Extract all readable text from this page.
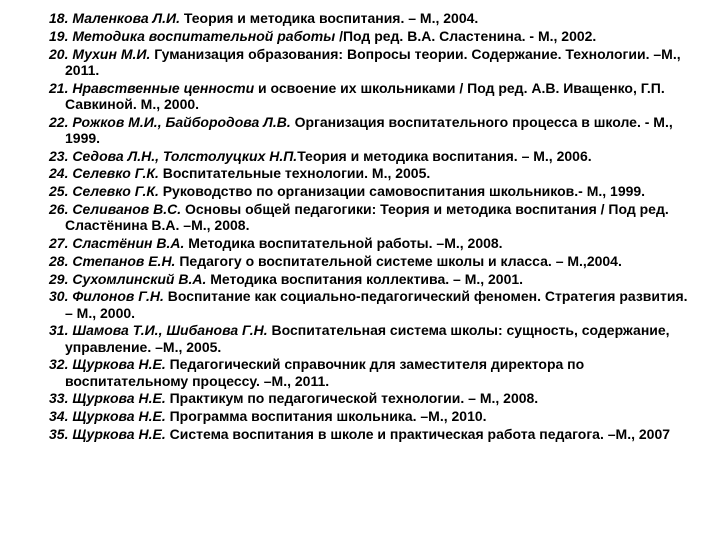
18. Маленкова Л.И. Теория и методика воспитания. – М., 2004.
19. Методика воспитательной работы /Под ред. В.А. Сластенина. - М., 2002.
20. Мухин М.И. Гуманизация образования: Вопросы теории. Содержание. Технологии. –М., 2011.
21. Нравственные ценности и освоение их школьниками / Под ред. А.В. Иващенко, Г.П. Савкиной. М., 2000.
22. Рожков М.И., Байбородова Л.В. Организация воспитательного процесса в школе. - М., 1999.
23. Седова Л.Н., Толстолуцких Н.П.Теория и методика воспитания. – М., 2006.
24. Селевко Г.К. Воспитательные технологии. М., 2005.
25. Селевко Г.К. Руководство по организации самовоспитания школьников.- М., 1999.
26. Селиванов В.С. Основы общей педагогики: Теория и методика воспитания / Под ред. Сластёнина В.А. –М., 2008.
27. Сластёнин В.А. Методика воспитательной работы. –М., 2008.
28. Степанов Е.Н. Педагогу о воспитательной системе школы и класса. – М.,2004.
29. Сухомлинский В.А. Методика воспитания коллектива. – М., 2001.
30. Филонов Г.Н. Воспитание как социально-педагогический феномен. Стратегия развития. – М., 2000.
31. Шамова Т.И., Шибанова Г.Н. Воспитательная система школы: сущность, содержание, управление. –М., 2005.
32. Щуркова Н.Е. Педагогический справочник для заместителя директора по воспитательному процессу. –М., 2011.
33. Щуркова Н.Е. Практикум по педагогической технологии. – М., 2008.
34. Щуркова Н.Е. Программа воспитания школьника. –М., 2010.
35. Щуркова Н.Е. Система воспитания в школе и практическая работа педагога. –М., 2007
